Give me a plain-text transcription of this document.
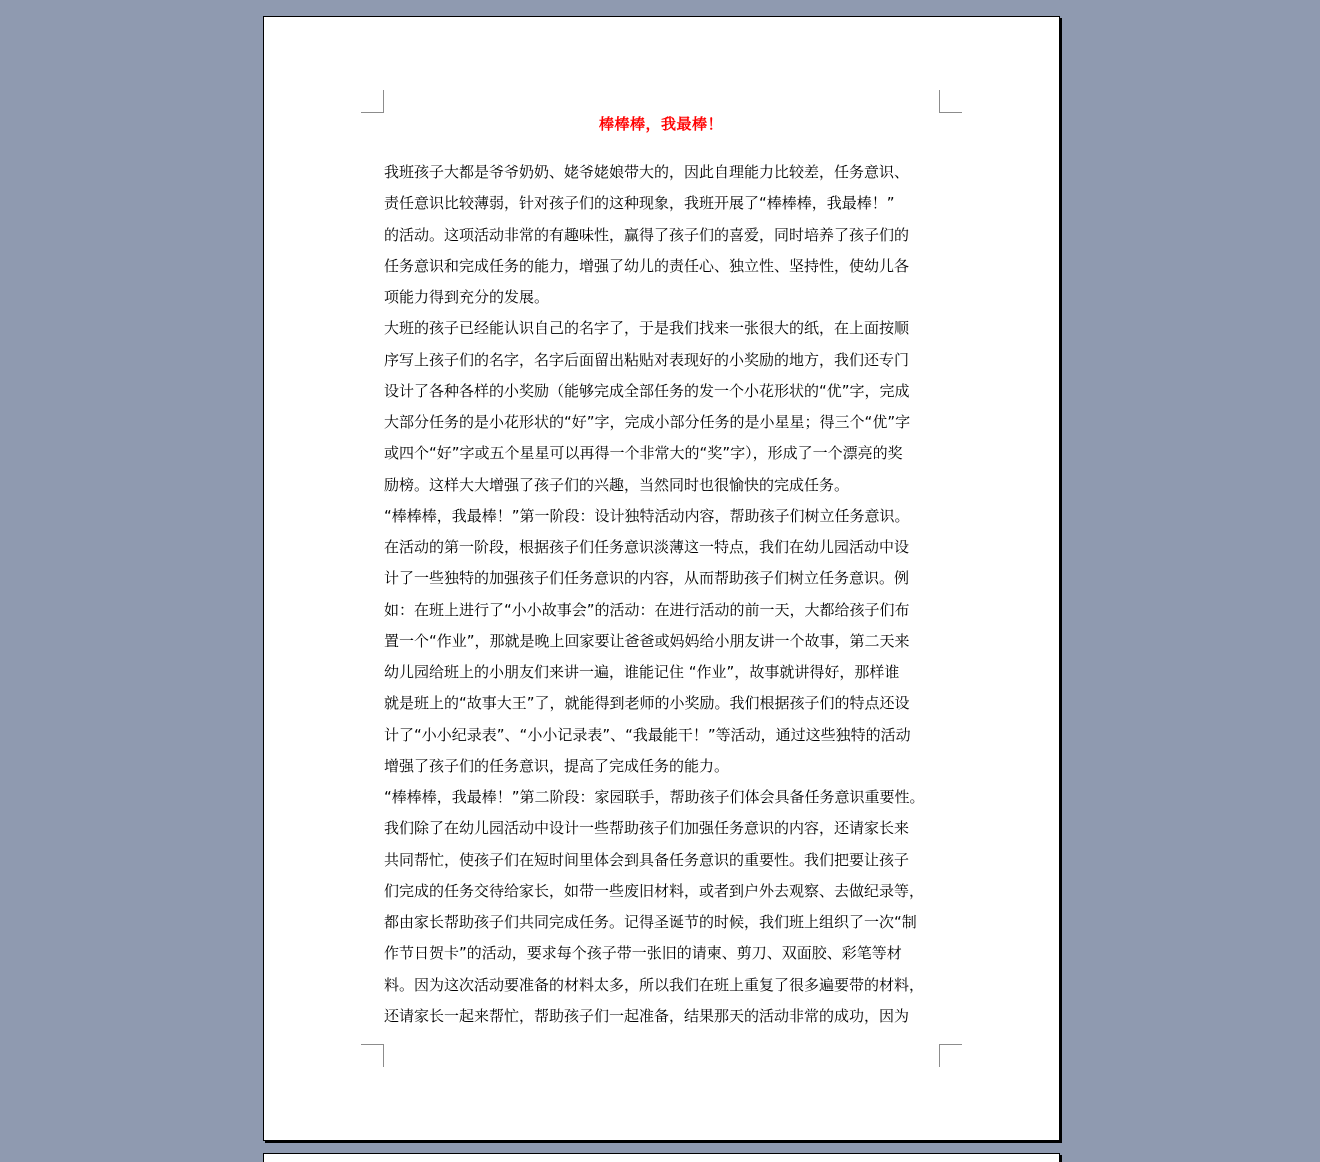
棒棒棒，我最棒！
我班孩子大都是爷爷奶奶、姥爷姥娘带大的，因此自理能力比较差，任务意识、
责任意识比较薄弱，针对孩子们的这种现象，我班开展了“棒棒棒，我最棒！”
的活动。这项活动非常的有趣味性，赢得了孩子们的喜爱，同时培养了孩子们的
任务意识和完成任务的能力，增强了幼儿的责任心、独立性、坚持性，使幼儿各
项能力得到充分的发展。
大班的孩子已经能认识自己的名字了，于是我们找来一张很大的纸，在上面按顺
序写上孩子们的名字，名字后面留出粘贴对表现好的小奖励的地方，我们还专门
设计了各种各样的小奖励（能够完成全部任务的发一个小花形状的“优”字，完成
大部分任务的是小花形状的“好”字，完成小部分任务的是小星星；得三个“优”字
或四个“好”字或五个星星可以再得一个非常大的“奖”字），形成了一个漂亮的奖
励榜。这样大大增强了孩子们的兴趣，当然同时也很愉快的完成任务。
“棒棒棒，我最棒！”第一阶段：设计独特活动内容，帮助孩子们树立任务意识。
在活动的第一阶段，根据孩子们任务意识淡薄这一特点，我们在幼儿园活动中设
计了一些独特的加强孩子们任务意识的内容，从而帮助孩子们树立任务意识。例
如：在班上进行了“小小故事会”的活动：在进行活动的前一天，大都给孩子们布
置一个“作业”，那就是晚上回家要让爸爸或妈妈给小朋友讲一个故事，第二天来
幼儿园给班上的小朋友们来讲一遍，谁能记住 “作业”，故事就讲得好，那样谁
就是班上的“故事大王”了，就能得到老师的小奖励。我们根据孩子们的特点还设
计了“小小纪录表”、“小小记录表”、“我最能干！”等活动，通过这些独特的活动
增强了孩子们的任务意识，提高了完成任务的能力。
“棒棒棒，我最棒！”第二阶段：家园联手，帮助孩子们体会具备任务意识重要性。
我们除了在幼儿园活动中设计一些帮助孩子们加强任务意识的内容，还请家长来
共同帮忙，使孩子们在短时间里体会到具备任务意识的重要性。我们把要让孩子
们完成的任务交待给家长，如带一些废旧材料，或者到户外去观察、去做纪录等，
都由家长帮助孩子们共同完成任务。记得圣诞节的时候，我们班上组织了一次“制
作节日贺卡”的活动，要求每个孩子带一张旧的请柬、剪刀、双面胶、彩笔等材
料。因为这次活动要准备的材料太多，所以我们在班上重复了很多遍要带的材料，
还请家长一起来帮忙，帮助孩子们一起准备，结果那天的活动非常的成功，因为
